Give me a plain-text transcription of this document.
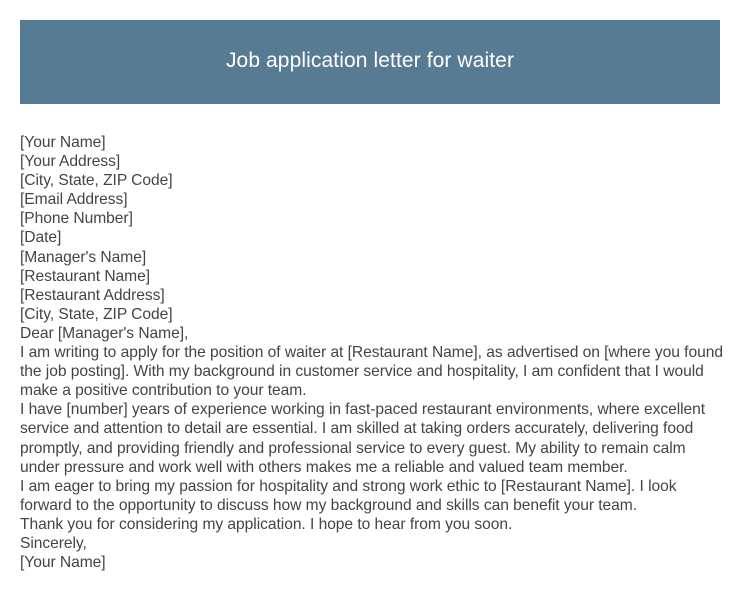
Job application letter for waiter
[Your Name]
[Your Address]
[City, State, ZIP Code]
[Email Address]
[Phone Number]
[Date]
[Manager's Name]
[Restaurant Name]
[Restaurant Address]
[City, State, ZIP Code]
Dear [Manager's Name],

I am writing to apply for the position of waiter at [Restaurant Name], as advertised on [where you found the job posting]. With my background in customer service and hospitality, I am confident that I would make a positive contribution to your team.

I have [number] years of experience working in fast-paced restaurant environments, where excellent service and attention to detail are essential. I am skilled at taking orders accurately, delivering food promptly, and providing friendly and professional service to every guest. My ability to remain calm under pressure and work well with others makes me a reliable and valued team member.

I am eager to bring my passion for hospitality and strong work ethic to [Restaurant Name]. I look forward to the opportunity to discuss how my background and skills can benefit your team.

Thank you for considering my application. I hope to hear from you soon.

Sincerely,
[Your Name]
